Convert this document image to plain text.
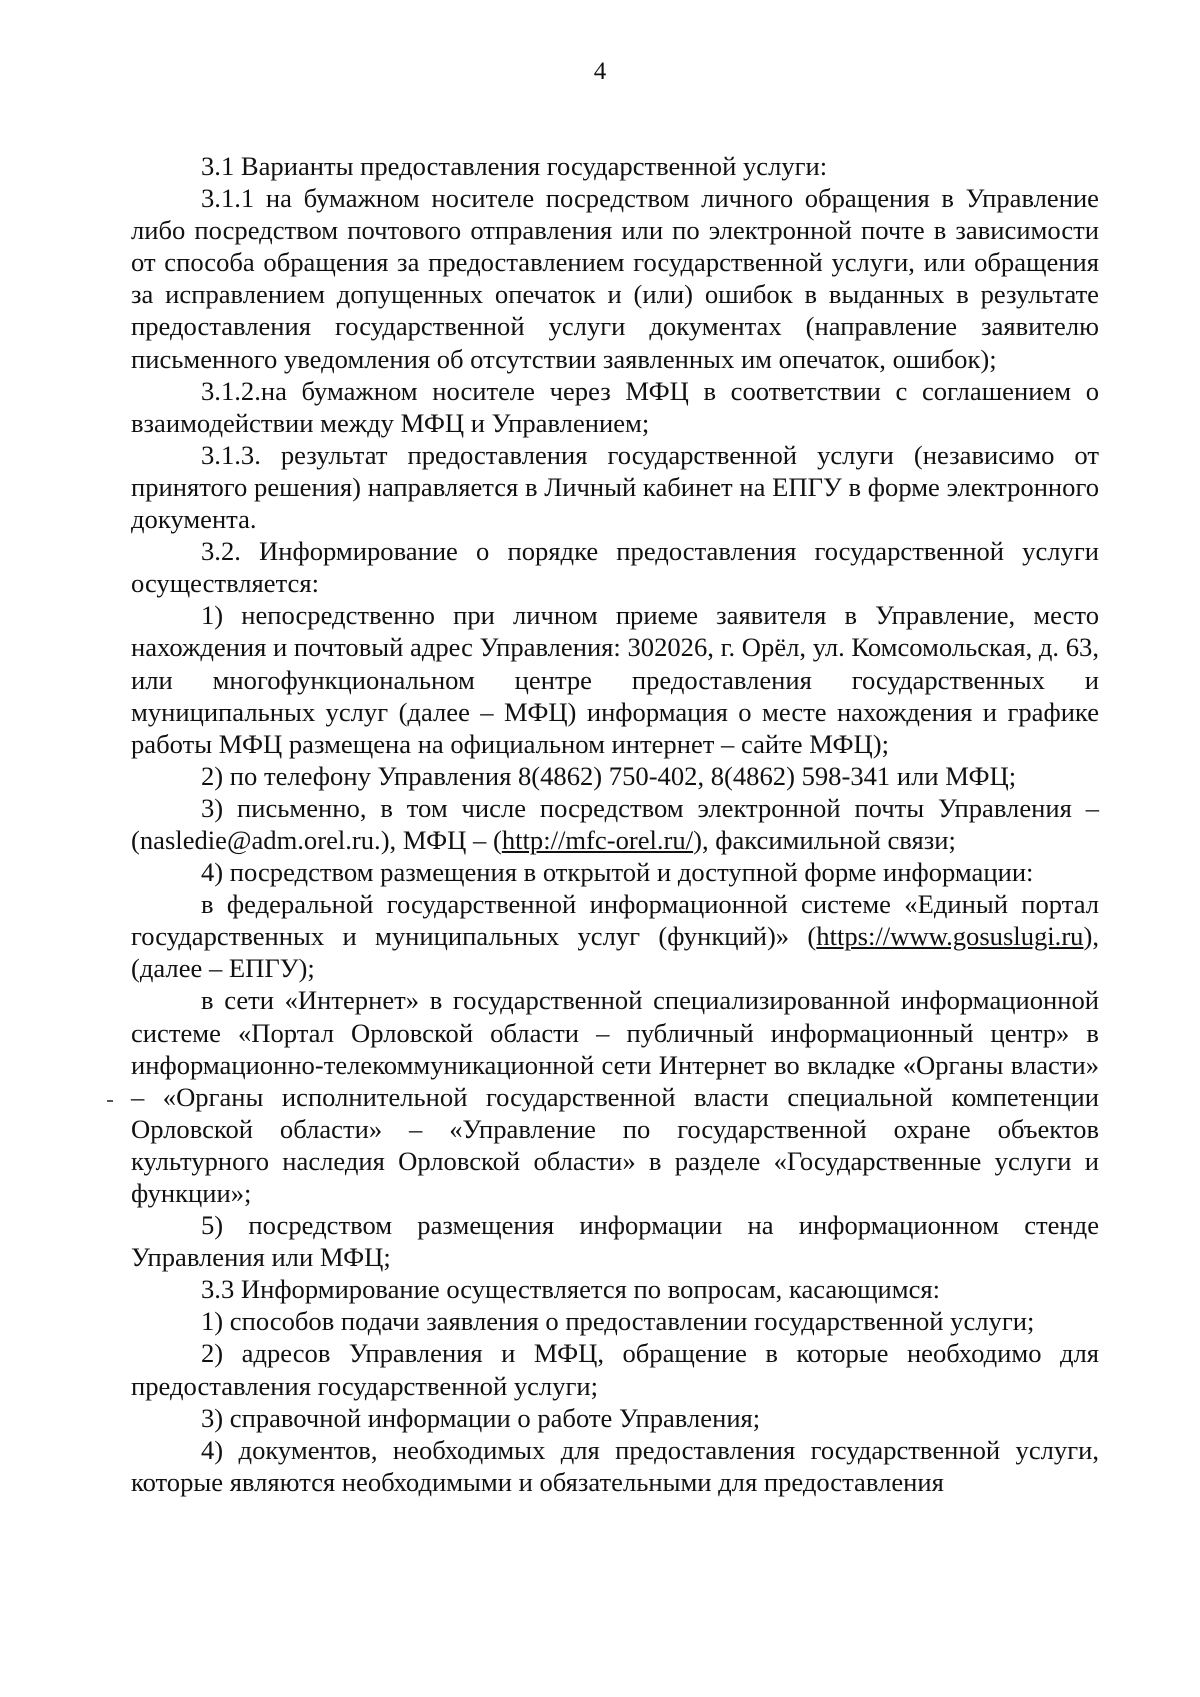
4

3.1 Варианты предоставления государственной услуги:

3.1.1 на бумажном носителе посредством личного обращения в Управление либо посредством почтового отправления или по электронной почте в зависимости от способа обращения за предоставлением государственной услуги, или обращения за исправлением допущенных опечаток и (или) ошибок в выданных в результате предоставления государственной услуги документах (направление заявителю письменного уведомления об отсутствии заявленных им опечаток, ошибок);

3.1.2.на бумажном носителе через МФЦ в соответствии с соглашением о взаимодействии между МФЦ и Управлением;

3.1.3. результат предоставления государственной услуги (независимо от принятого решения) направляется в Личный кабинет на ЕПГУ в форме электронного документа.

3.2. Информирование о порядке предоставления государственной услуги осуществляется:

1) непосредственно при личном приеме заявителя в Управление, место нахождения и почтовый адрес Управления: 302026, г. Орёл, ул. Комсомольская, д. 63, или многофункциональном центре предоставления государственных и муниципальных услуг (далее – МФЦ) информация о месте нахождения и графике работы МФЦ размещена на официальном интернет – сайте МФЦ);

2) по телефону Управления 8(4862) 750-402, 8(4862) 598-341 или МФЦ;

3) письменно, в том числе посредством электронной почты Управления – (nasledie@adm.orel.ru.), МФЦ – (http://mfc-orel.ru/), факсимильной связи;

4) посредством размещения в открытой и доступной форме информации:

в федеральной государственной информационной системе «Единый портал государственных и муниципальных услуг (функций)» (https://www.gosuslugi.ru), (далее – ЕПГУ);

в сети «Интернет» в государственной специализированной информационной системе «Портал Орловской области – публичный информационный центр» в информационно-телекоммуникационной сети Интернет во вкладке «Органы власти» – «Органы исполнительной государственной власти специальной компетенции Орловской области» – «Управление по государственной охране объектов культурного наследия Орловской области» в разделе «Государственные услуги и функции»;

5) посредством размещения информации на информационном стенде Управления или МФЦ;

3.3 Информирование осуществляется по вопросам, касающимся:

1) способов подачи заявления о предоставлении государственной услуги;

2) адресов Управления и МФЦ, обращение в которые необходимо для предоставления государственной услуги;

3) справочной информации о работе Управления;

4) документов, необходимых для предоставления государственной услуги, которые являются необходимыми и обязательными для предоставления
